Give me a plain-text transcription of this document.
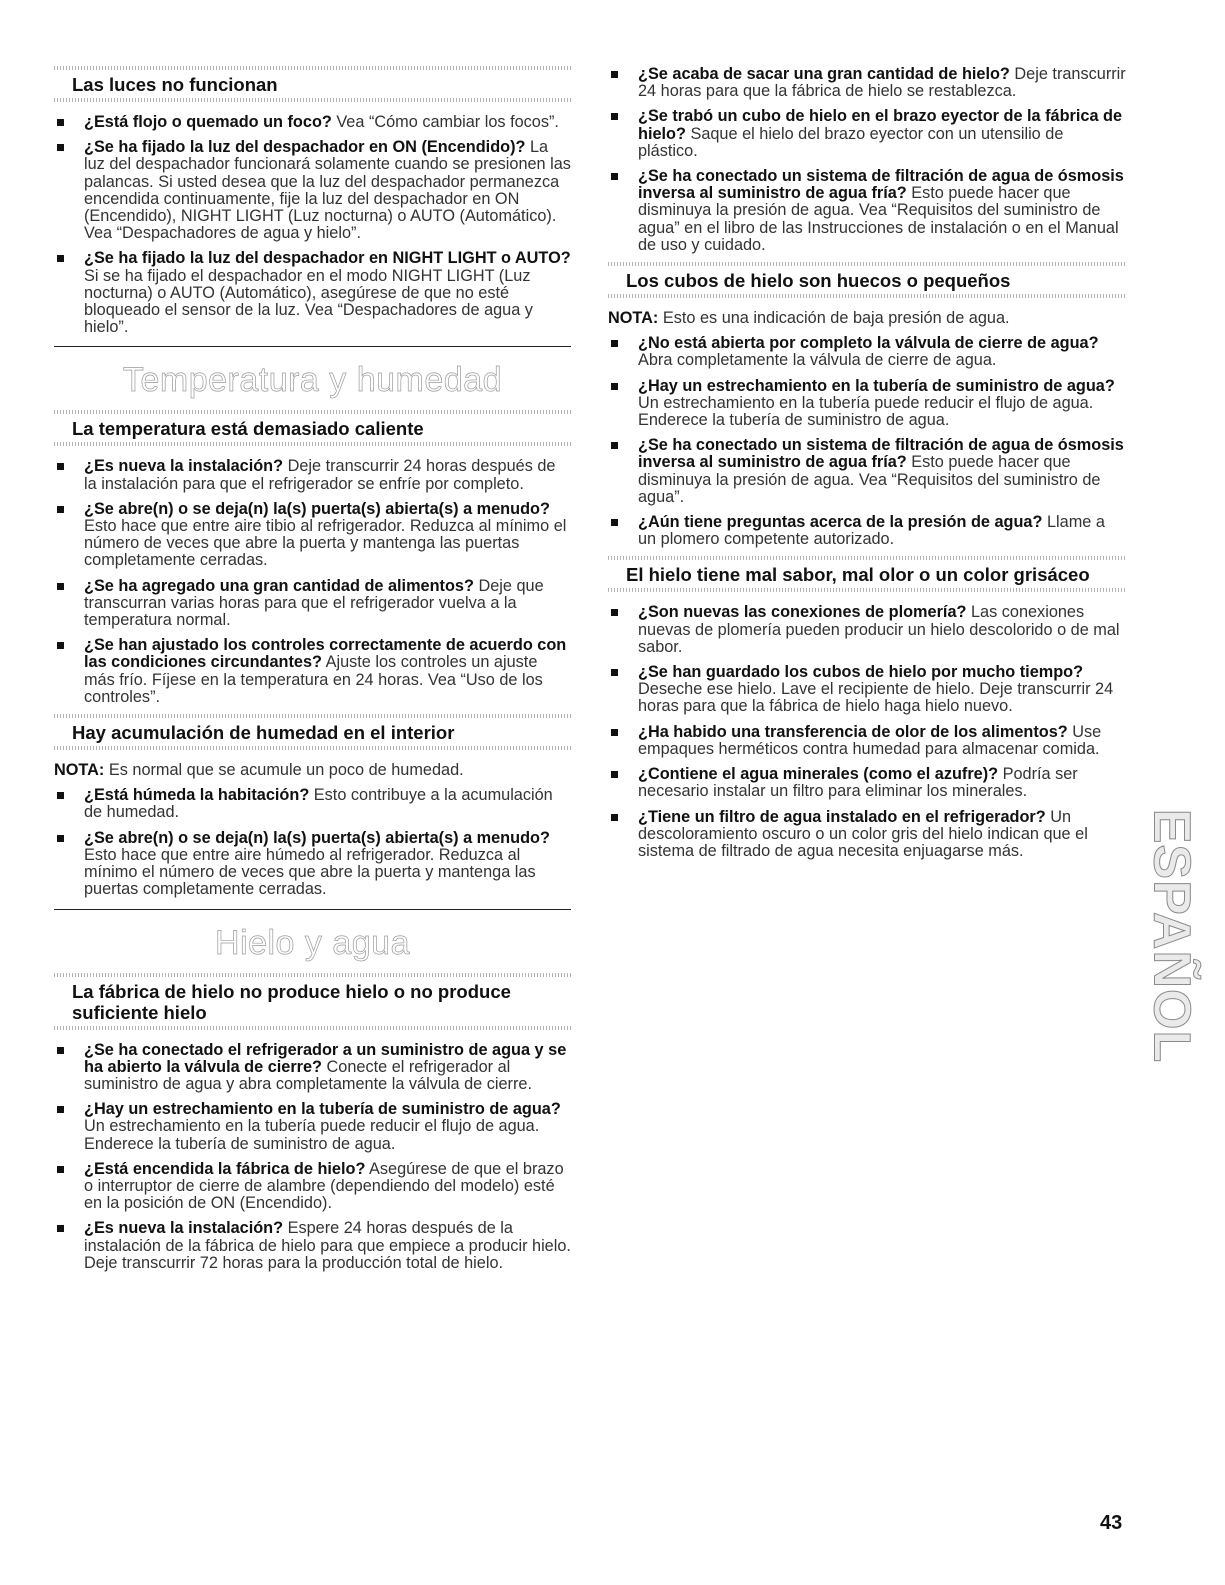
Las luces no funcionan
¿Está flojo o quemado un foco? Vea “Cómo cambiar los focos”.
¿Se ha fijado la luz del despachador en ON (Encendido)? La luz del despachador funcionará solamente cuando se presionen las palancas. Si usted desea que la luz del despachador permanezca encendida continuamente, fije la luz del despachador en ON (Encendido), NIGHT LIGHT (Luz nocturna) o AUTO (Automático). Vea “Despachadores de agua y hielo”.
¿Se ha fijado la luz del despachador en NIGHT LIGHT o AUTO? Si se ha fijado el despachador en el modo NIGHT LIGHT (Luz nocturna) o AUTO (Automático), asegúrese de que no esté bloqueado el sensor de la luz. Vea “Despachadores de agua y hielo”.
Temperatura y humedad
La temperatura está demasiado caliente
¿Es nueva la instalación? Deje transcurrir 24 horas después de la instalación para que el refrigerador se enfríe por completo.
¿Se abre(n) o se deja(n) la(s) puerta(s) abierta(s) a menudo? Esto hace que entre aire tibio al refrigerador. Reduzca al mínimo el número de veces que abre la puerta y mantenga las puertas completamente cerradas.
¿Se ha agregado una gran cantidad de alimentos? Deje que transcurran varias horas para que el refrigerador vuelva a la temperatura normal.
¿Se han ajustado los controles correctamente de acuerdo con las condiciones circundantes? Ajuste los controles un ajuste más frío. Fíjese en la temperatura en 24 horas. Vea “Uso de los controles”.
Hay acumulación de humedad en el interior

NOTA: Es normal que se acumule un poco de humedad.

¿Está húmeda la habitación? Esto contribuye a la acumulación de humedad.
¿Se abre(n) o se deja(n) la(s) puerta(s) abierta(s) a menudo? Esto hace que entre aire húmedo al refrigerador. Reduzca al mínimo el número de veces que abre la puerta y mantenga las puertas completamente cerradas.
Hielo y agua
La fábrica de hielo no produce hielo o no produce suficiente hielo
¿Se ha conectado el refrigerador a un suministro de agua y se ha abierto la válvula de cierre? Conecte el refrigerador al suministro de agua y abra completamente la válvula de cierre.
¿Hay un estrechamiento en la tubería de suministro de agua? Un estrechamiento en la tubería puede reducir el flujo de agua. Enderece la tubería de suministro de agua.
¿Está encendida la fábrica de hielo? Asegúrese de que el brazo o interruptor de cierre de alambre (dependiendo del modelo) esté en la posición de ON (Encendido).
¿Es nueva la instalación? Espere 24 horas después de la instalación de la fábrica de hielo para que empiece a producir hielo. Deje transcurrir 72 horas para la producción total de hielo.
¿Se acaba de sacar una gran cantidad de hielo? Deje transcurrir 24 horas para que la fábrica de hielo se restablezca.
¿Se trabó un cubo de hielo en el brazo eyector de la fábrica de hielo? Saque el hielo del brazo eyector con un utensilio de plástico.
¿Se ha conectado un sistema de filtración de agua de ósmosis inversa al suministro de agua fría? Esto puede hacer que disminuya la presión de agua. Vea “Requisitos del suministro de agua” en el libro de las Instrucciones de instalación o en el Manual de uso y cuidado.
Los cubos de hielo son huecos o pequeños

NOTA: Esto es una indicación de baja presión de agua.

¿No está abierta por completo la válvula de cierre de agua? Abra completamente la válvula de cierre de agua.
¿Hay un estrechamiento en la tubería de suministro de agua? Un estrechamiento en la tubería puede reducir el flujo de agua. Enderece la tubería de suministro de agua.
¿Se ha conectado un sistema de filtración de agua de ósmosis inversa al suministro de agua fría? Esto puede hacer que disminuya la presión de agua. Vea “Requisitos del suministro de agua”.
¿Aún tiene preguntas acerca de la presión de agua? Llame a un plomero competente autorizado.
El hielo tiene mal sabor, mal olor o un color grisáceo
¿Son nuevas las conexiones de plomería? Las conexiones nuevas de plomería pueden producir un hielo descolorido o de mal sabor.
¿Se han guardado los cubos de hielo por mucho tiempo? Deseche ese hielo. Lave el recipiente de hielo. Deje transcurrir 24 horas para que la fábrica de hielo haga hielo nuevo.
¿Ha habido una transferencia de olor de los alimentos? Use empaques herméticos contra humedad para almacenar comida.
¿Contiene el agua minerales (como el azufre)? Podría ser necesario instalar un filtro para eliminar los minerales.
¿Tiene un filtro de agua instalado en el refrigerador? Un descoloramiento oscuro o un color gris del hielo indican que el sistema de filtrado de agua necesita enjuagarse más.	ESPAÑOL
43
